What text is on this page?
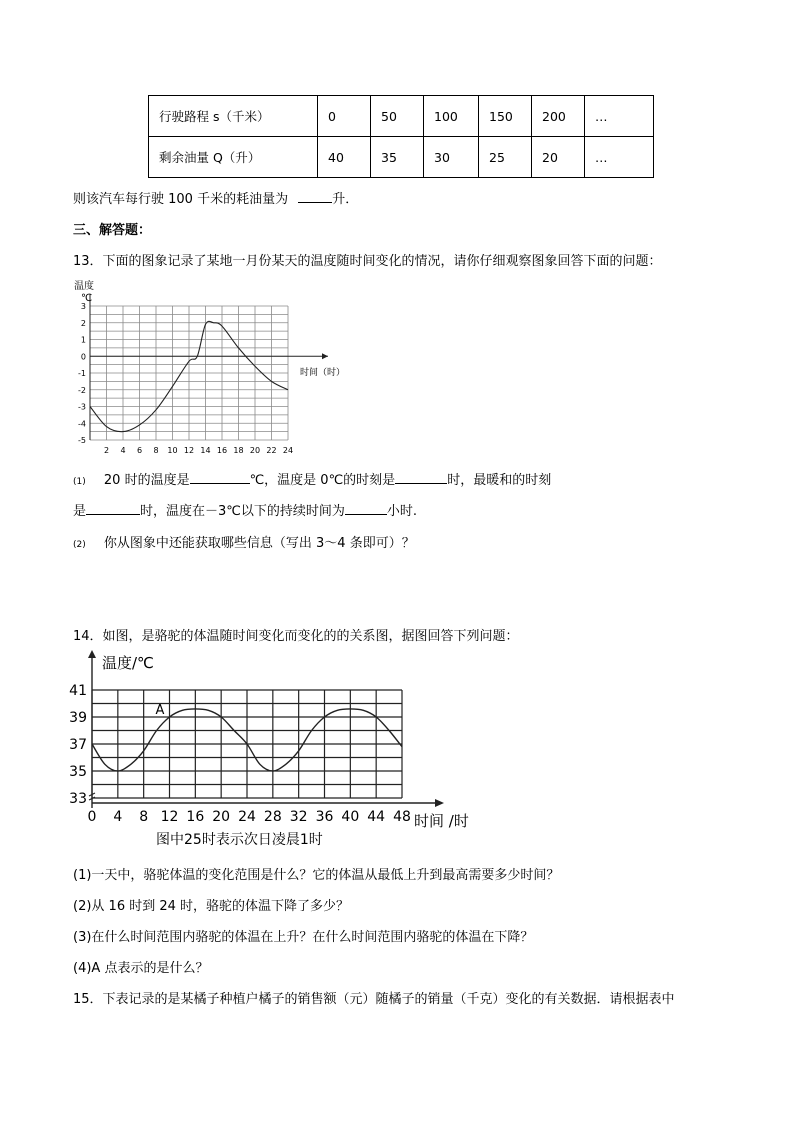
行驶路程 s（千米）	0	50	100	150	200	…
剩余油量 Q（升）	40	35	30	25	20	…
则该汽车每行驶 100 千米的耗油量为	升．
三、解答题：
13．下面的图象记录了某地一月份某天的温度随时间变化的情况，请你仔细观察图象回答下面的问题：
3
2
1
0
-1
-2
-3
-4
-5
2 4 6 8 10 12 14 16 18 20 22 24
温度
℃
时间（时）
(1) 20 时的温度是	℃，温度是 0℃的时刻是	时，最暖和的时刻
是	时，温度在－3℃以下的持续时间为	小时.
(2) 你从图象中还能获取哪些信息（写出 3～4 条即可）？
14．如图，是骆驼的体温随时间变化而变化的的关系图，据图回答下列问题：
41
39
37
35
33
0 4 8 12 16 20 24 28 32 36 40 44 48
温度/℃
时间 /时
A
图中25时表示次日凌晨1时
(1)一天中，骆驼体温的变化范围是什么？它的体温从最低上升到最高需要多少时间？
(2)从 16 时到 24 时，骆驼的体温下降了多少？
(3)在什么时间范围内骆驼的体温在上升？在什么时间范围内骆驼的体温在下降？
(4)A 点表示的是什么？
15．下表记录的是某橘子种植户橘子的销售额（元）随橘子的销量（千克）变化的有关数据．请根据表中
